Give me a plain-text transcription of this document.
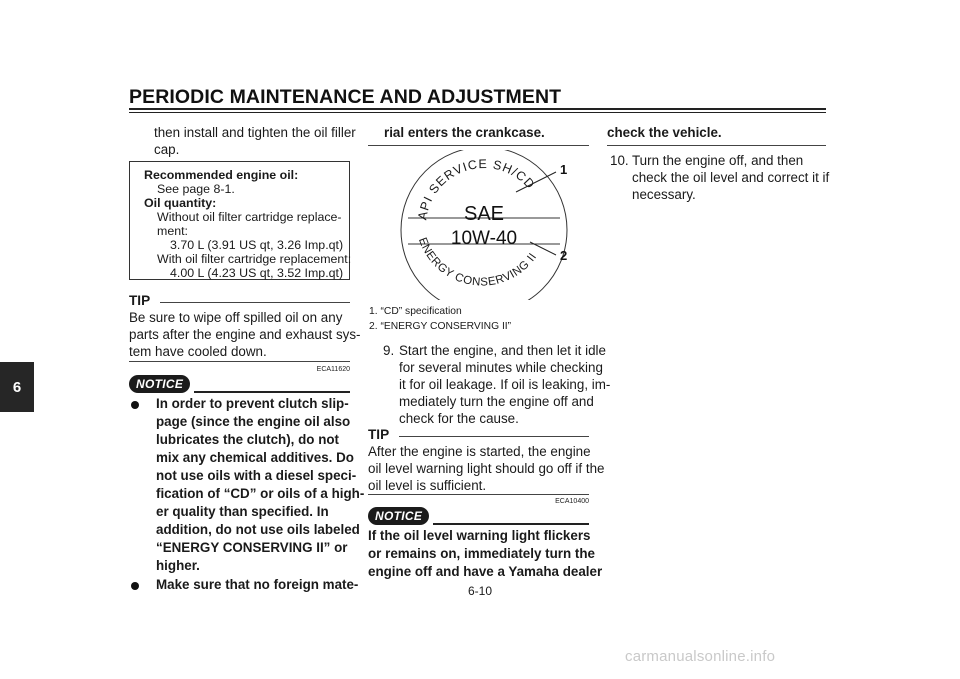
PERIODIC MAINTENANCE AND ADJUSTMENT
6
then install and tighten the oil filler
cap.
Recommended engine oil:
See page 8-1.
Oil quantity:
Without oil filter cartridge replace-
ment:
3.70 L (3.91 US qt, 3.26 Imp.qt)
With oil filter cartridge replacement:
4.00 L (4.23 US qt, 3.52 Imp.qt)
TIP
Be sure to wipe off spilled oil on any
parts after the engine and exhaust sys-
tem have cooled down.
ECA11620
NOTICE
In order to prevent clutch slip-
page (since the engine oil also
lubricates the clutch), do not
mix any chemical additives. Do
not use oils with a diesel speci-
fication of “CD” or oils of a high-
er quality than specified. In
addition, do not use oils labeled
“ENERGY CONSERVING II” or
higher.
Make sure that no foreign mate-
rial enters the crankcase.
API SERVICE SH/CD
SAE
10W-40
ENERGY CONSERVING II
1
2
1. “CD” specification
2. “ENERGY CONSERVING II”
9. Start the engine, and then let it idle
for several minutes while checking
it for oil leakage. If oil is leaking, im-
mediately turn the engine off and
check for the cause.
TIP
After the engine is started, the engine
oil level warning light should go off if the
oil level is sufficient.
ECA10400
NOTICE
If the oil level warning light flickers
or remains on, immediately turn the
engine off and have a Yamaha dealer
check the vehicle.
10. Turn the engine off, and then
check the oil level and correct it if
necessary.
6-10
carmanualsonline.info
